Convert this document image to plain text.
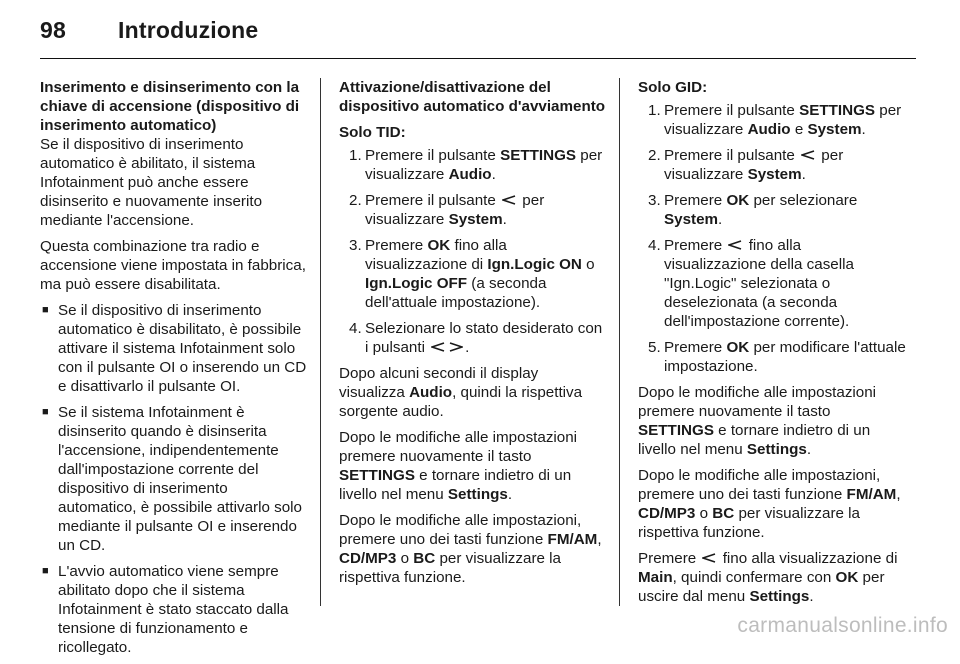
98 Introduzione
Inserimento e disinserimento con la chiave di accensione (dispositivo di inserimento automatico)

Se il dispositivo di inserimento automatico è abilitato, il sistema Infotainment può anche essere disinserito e nuovamente inserito mediante l'accensione.

Questa combinazione tra radio e accensione viene impostata in fabbrica, ma può essere disabilitata.

■ Se il dispositivo di inserimento automatico è disabilitato, è possibile attivare il sistema Infotainment solo con il pulsante OI o inserendo un CD e disattivarlo il pulsante OI.
■ Se il sistema Infotainment è disinserito quando è disinserita l'accensione, indipendentemente dall'impostazione corrente del dispositivo di inserimento automatico, è possibile attivarlo solo mediante il pulsante OI e inserendo un CD.
■ L'avvio automatico viene sempre abilitato dopo che il sistema Infotainment è stato staccato dalla tensione di funzionamento e ricollegato.
Attivazione/disattivazione del dispositivo automatico d'avviamento
Solo TID:
1. Premere il pulsante SETTINGS per visualizzare Audio.
2. Premere il pulsante  per visualizzare System.
3. Premere OK fino alla visualizzazione di Ign.Logic ON o Ign.Logic OFF (a seconda dell'attuale impostazione).
4. Selezionare lo stato desiderato con i pulsanti .

Dopo alcuni secondi il display visualizza Audio, quindi la rispettiva sorgente audio.

Dopo le modifiche alle impostazioni premere nuovamente il tasto SETTINGS e tornare indietro di un livello nel menu Settings.

Dopo le modifiche alle impostazioni, premere uno dei tasti funzione FM/AM, CD/MP3 o BC per visualizzare la rispettiva funzione.

Solo GID:
1. Premere il pulsante SETTINGS per visualizzare Audio e System.
2. Premere il pulsante  per visualizzare System.
3. Premere OK per selezionare System.
4. Premere  fino alla visualizzazione della casella "Ign.Logic" selezionata o deselezionata (a seconda dell'impostazione corrente).
5. Premere OK per modificare l'attuale impostazione.

Dopo le modifiche alle impostazioni premere nuovamente il tasto SETTINGS e tornare indietro di un livello nel menu Settings.

Dopo le modifiche alle impostazioni, premere uno dei tasti funzione FM/AM, CD/MP3 o BC per visualizzare la rispettiva funzione.

Premere  fino alla visualizzazione di Main, quindi confermare con OK per uscire dal menu Settings.

carmanualsonline.info
